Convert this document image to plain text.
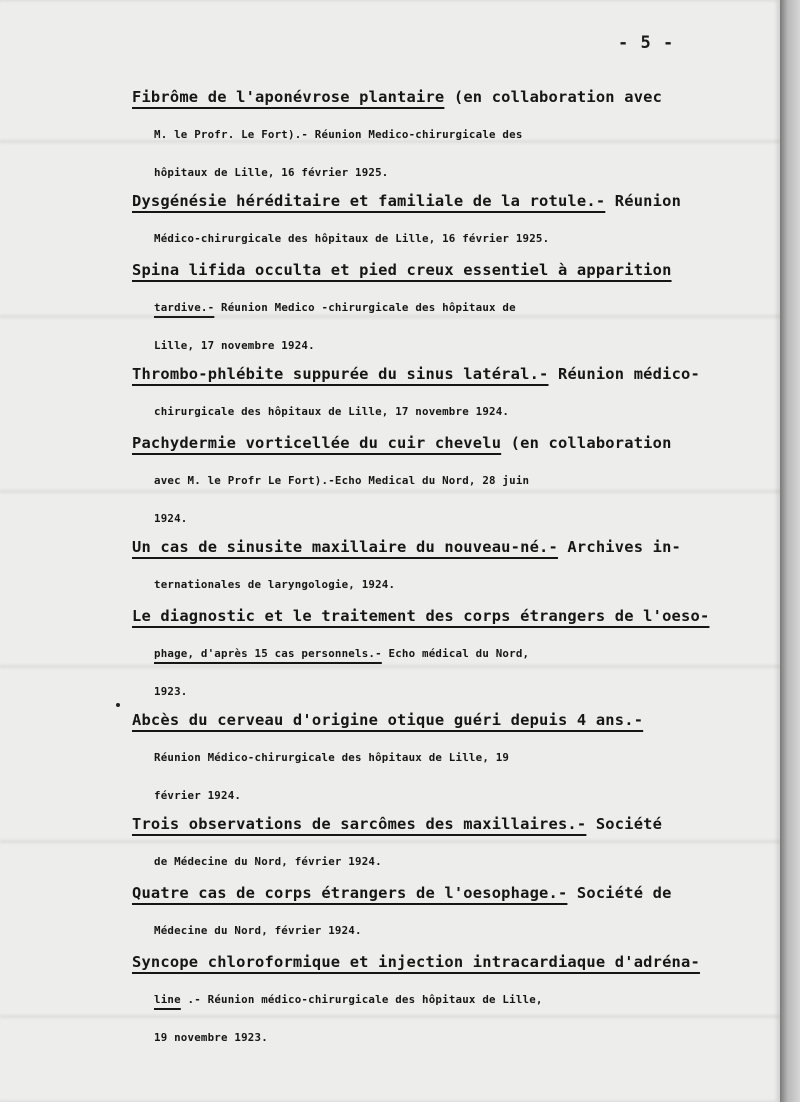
- 5 -
Fibrôme de l'aponévrose plantaire (en collaboration avec
M. le Profr. Le Fort).- Réunion Medico-chirurgicale des
hôpitaux de Lille, 16 février 1925.
Dysgénésie héréditaire et familiale de la rotule.- Réunion
Médico-chirurgicale des hôpitaux de Lille, 16 février 1925.
Spina lifida occulta et pied creux essentiel à apparition
tardive.- Réunion Medico -chirurgicale des hôpitaux de
Lille, 17 novembre 1924.
Thrombo-phlébite suppurée du sinus latéral.- Réunion médico-
chirurgicale des hôpitaux de Lille, 17 novembre 1924.
Pachydermie vorticellée du cuir chevelu (en collaboration
avec M. le Profr Le Fort).-Echo Medical du Nord, 28 juin
1924.
Un cas de sinusite maxillaire du nouveau-né.- Archives in-
ternationales de laryngologie, 1924.
Le diagnostic et le traitement des corps étrangers de l'oeso-
phage, d'après 15 cas personnels.- Echo médical du Nord,
1923.
Abcès du cerveau d'origine otique guéri depuis 4 ans.-
Réunion Médico-chirurgicale des hôpitaux de Lille, 19
février 1924.
Trois observations de sarcômes des maxillaires.- Société
de Médecine du Nord, février 1924.
Quatre cas de corps étrangers de l'oesophage.- Société de
Médecine du Nord, février 1924.
Syncope chloroformique et injection intracardiaque d'adréna-
line .- Réunion médico-chirurgicale des hôpitaux de Lille,
19 novembre 1923.
